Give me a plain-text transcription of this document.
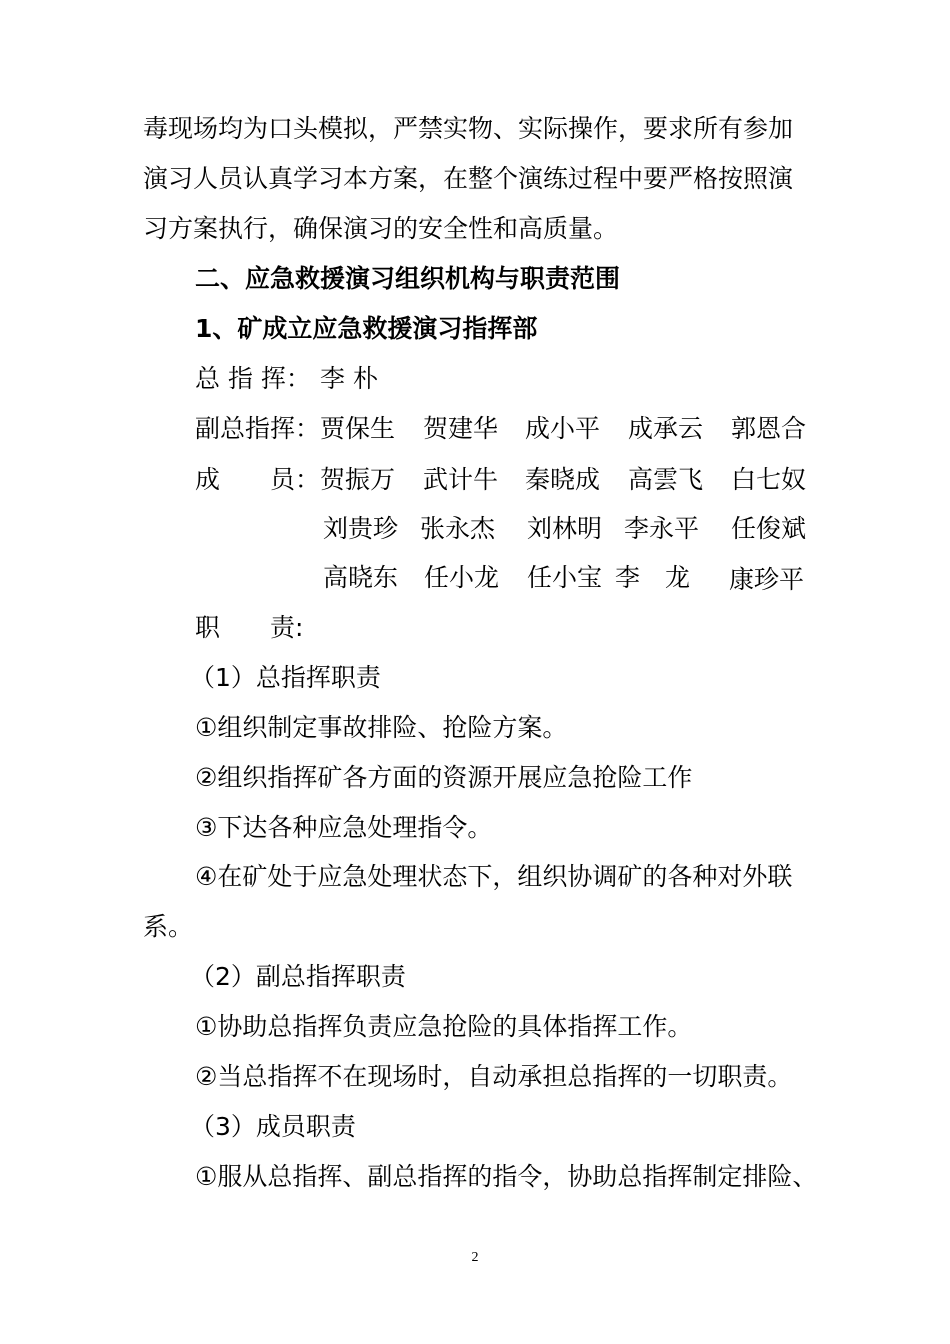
毒现场均为口头模拟，严禁实物、实际操作，要求所有参加
演习人员认真学习本方案，在整个演练过程中要严格按照演
习方案执行，确保演习的安全性和高质量。
二、应急救援演习组织机构与职责范围
1、矿成立应急救援演习指挥部
总 指 挥： 李 朴
副总指挥： 贾保生 贺建华 成小平 成承云 郭恩合
成　　员： 贺振万 武计牛 秦晓成 高雲飞 白七奴
刘贵珍 张永杰 刘林明 李永平 任俊斌
高晓东 任小龙 任小宝 李　龙 康珍平
职　　责:
（1）总指挥职责
①组织制定事故排险、抢险方案。
②组织指挥矿各方面的资源开展应急抢险工作
③下达各种应急处理指令。
④在矿处于应急处理状态下，组织协调矿的各种对外联
系。
（2）副总指挥职责
①协助总指挥负责应急抢险的具体指挥工作。
②当总指挥不在现场时，自动承担总指挥的一切职责。
（3）成员职责
①服从总指挥、副总指挥的指令，协助总指挥制定排险、
2
